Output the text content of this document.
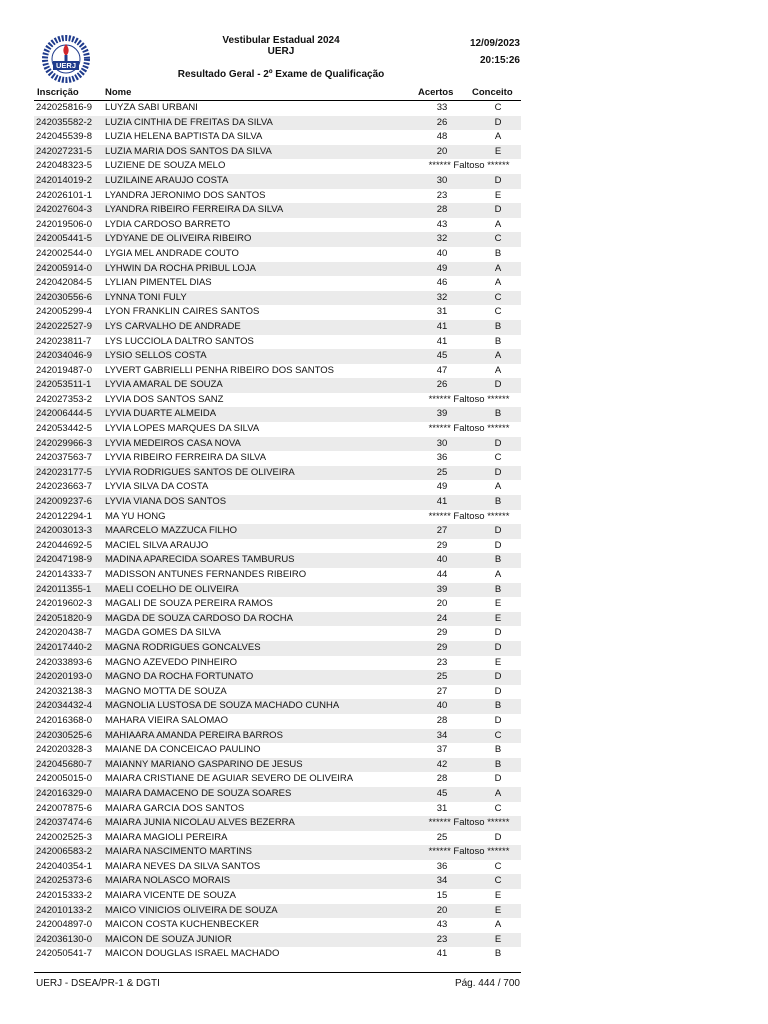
UERJ
Vestibular Estadual 2024
UERJ
Resultado Geral - 2º Exame de Qualificação
12/09/2023
20:15:26
Inscrição	Nome	Acertos Conceito
242025816-9 LUYZA SABI URBANI	33	C
242035582-2 LUZIA CINTHIA DE FREITAS DA SILVA	26	D
242045539-8 LUZIA HELENA BAPTISTA DA SILVA	48	A
242027231-5 LUZIA MARIA DOS SANTOS DA SILVA	20	E
242048323-5 LUZIENE DE SOUZA MELO	****** Faltoso ******
242014019-2 LUZILAINE ARAUJO COSTA	30	D
242026101-1 LYANDRA JERONIMO DOS SANTOS	23	E
242027604-3 LYANDRA RIBEIRO FERREIRA DA SILVA	28	D
242019506-0 LYDIA CARDOSO BARRETO	43	A
242005441-5 LYDYANE DE OLIVEIRA RIBEIRO	32	C
242002544-0 LYGIA MEL ANDRADE COUTO	40	B
242005914-0 LYHWIN DA ROCHA PRIBUL LOJA	49	A
242042084-5 LYLIAN PIMENTEL DIAS	46	A
242030556-6 LYNNA TONI FULY	32	C
242005299-4 LYON FRANKLIN CAIRES SANTOS	31	C
242022527-9 LYS CARVALHO DE ANDRADE	41	B
242023811-7 LYS LUCCIOLA DALTRO SANTOS	41	B
242034046-9 LYSIO SELLOS COSTA	45	A
242019487-0 LYVERT GABRIELLI PENHA RIBEIRO DOS SANTOS	47	A
242053511-1 LYVIA AMARAL DE SOUZA	26	D
242027353-2 LYVIA DOS SANTOS SANZ	****** Faltoso ******
242006444-5 LYVIA DUARTE ALMEIDA	39	B
242053442-5 LYVIA LOPES MARQUES DA SILVA	****** Faltoso ******
242029966-3 LYVIA MEDEIROS CASA NOVA	30	D
242037563-7 LYVIA RIBEIRO FERREIRA DA SILVA	36	C
242023177-5 LYVIA RODRIGUES SANTOS DE OLIVEIRA	25	D
242023663-7 LYVIA SILVA DA COSTA	49	A
242009237-6 LYVIA VIANA DOS SANTOS	41	B
242012294-1 MA YU HONG	****** Faltoso ******
242003013-3 MAARCELO MAZZUCA FILHO	27	D
242044692-5 MACIEL SILVA ARAUJO	29	D
242047198-9 MADINA APARECIDA SOARES TAMBURUS	40	B
242014333-7 MADISSON ANTUNES FERNANDES RIBEIRO	44	A
242011355-1 MAELI COELHO DE OLIVEIRA	39	B
242019602-3 MAGALI DE SOUZA PEREIRA RAMOS	20	E
242051820-9 MAGDA DE SOUZA CARDOSO DA ROCHA	24	E
242020438-7 MAGDA GOMES DA SILVA	29	D
242017440-2 MAGNA RODRIGUES GONCALVES	29	D
242033893-6 MAGNO AZEVEDO PINHEIRO	23	E
242020193-0 MAGNO DA ROCHA FORTUNATO	25	D
242032138-3 MAGNO MOTTA DE SOUZA	27	D
242034432-4 MAGNOLIA LUSTOSA DE SOUZA MACHADO CUNHA	40	B
242016368-0 MAHARA VIEIRA SALOMAO	28	D
242030525-6 MAHIAARA AMANDA PEREIRA BARROS	34	C
242020328-3 MAIANE DA CONCEICAO PAULINO	37	B
242045680-7 MAIANNY MARIANO GASPARINO DE JESUS	42	B
242005015-0 MAIARA CRISTIANE DE AGUIAR SEVERO DE OLIVEIRA	28	D
242016329-0 MAIARA DAMACENO DE SOUZA SOARES	45	A
242007875-6 MAIARA GARCIA DOS SANTOS	31	C
242037474-6 MAIARA JUNIA NICOLAU ALVES BEZERRA	****** Faltoso ******
242002525-3 MAIARA MAGIOLI PEREIRA	25	D
242006583-2 MAIARA NASCIMENTO MARTINS	****** Faltoso ******
242040354-1 MAIARA NEVES DA SILVA SANTOS	36	C
242025373-6 MAIARA NOLASCO MORAIS	34	C
242015333-2 MAIARA VICENTE DE SOUZA	15	E
242010133-2 MAICO VINICIOS OLIVEIRA DE SOUZA	20	E
242004897-0 MAICON COSTA KUCHENBECKER	43	A
242036130-0 MAICON DE SOUZA JUNIOR	23	E
242050541-7 MAICON DOUGLAS ISRAEL MACHADO	41	B
UERJ - DSEA/PR-1 & DGTI	Pág. 444 / 700
